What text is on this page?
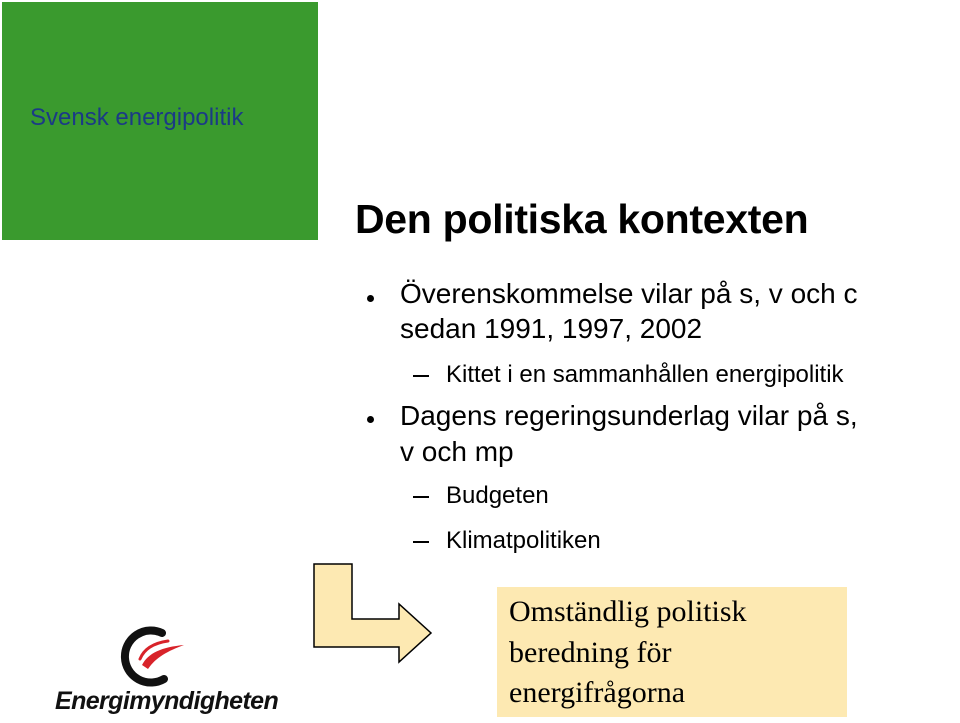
Svensk energipolitik
Den politiska kontexten
Överenskommelse vilar på s, v och c
sedan 1991, 1997, 2002
Kittet i en sammanhållen energipolitik
Dagens regeringsunderlag vilar på s,
v och mp
Budgeten
Klimatpolitiken
Omständlig politisk
beredning för
energifrågorna
Energimyndigheten
